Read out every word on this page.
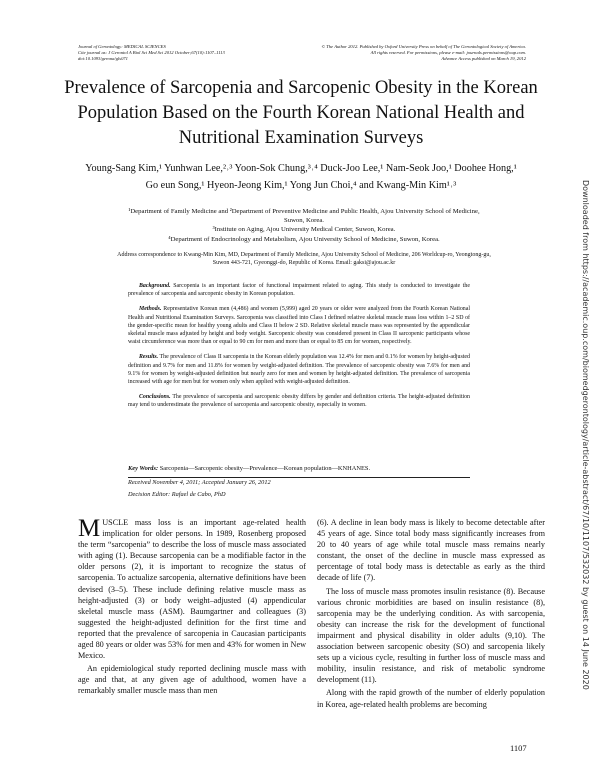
Journal of Gerontology: MEDICAL SCIENCES
Cite journal as: J Gerontol A Biol Sci Med Sci 2012 October;67(10):1107–1113
doi:10.1093/gerona/gls071
© The Author 2012. Published by Oxford University Press on behalf of The Gerontological Society of America.
All rights reserved. For permissions, please e-mail: journals.permissions@oup.com.
Advance Access published on March 19, 2012
Prevalence of Sarcopenia and Sarcopenic Obesity in the Korean Population Based on the Fourth Korean National Health and Nutritional Examination Surveys
Young-Sang Kim,¹ Yunhwan Lee,²˒³ Yoon-Sok Chung,³˒⁴ Duck-Joo Lee,¹ Nam-Seok Joo,¹ Doohee Hong,¹
Go eun Song,¹ Hyeon-Jeong Kim,¹ Yong Jun Choi,⁴ and Kwang-Min Kim¹˒³
¹Department of Family Medicine and ²Department of Preventive Medicine and Public Health, Ajou University School of Medicine,
Suwon, Korea.
³Institute on Aging, Ajou University Medical Center, Suwon, Korea.
⁴Department of Endocrinology and Metabolism, Ajou University School of Medicine, Suwon, Korea.
Address correspondence to Kwang-Min Kim, MD, Department of Family Medicine, Ajou University School of Medicine, 206 Worldcup-ro, Yeongtong-gu,
Suwon 443-721, Gyeonggi-do, Republic of Korea. Email: gaksi@ajou.ac.kr

Background. Sarcopenia is an important factor of functional impairment related to aging. This study is conducted to investigate the prevalence of sarcopenia and sarcopenic obesity in Korean population.

Methods. Representative Korean men (4,486) and women (5,999) aged 20 years or older were analyzed from the Fourth Korean National Health and Nutritional Examination Surveys. Sarcopenia was classified into Class I defined relative skeletal muscle mass loss within 1–2 SD of the gender-specific mean for healthy young adults and Class II below 2 SD. Relative skeletal muscle mass was represented by the appendicular skeletal muscle mass adjusted by height and body weight. Sarcopenic obesity was considered present in Class II sarcopenic participants whose waist circumference was more than or equal to 90 cm for men and more than or equal to 85 cm for women, respectively.

Results. The prevalence of Class II sarcopenia in the Korean elderly population was 12.4% for men and 0.1% for women by height-adjusted definition and 9.7% for men and 11.8% for women by weight-adjusted definition. The prevalence of sarcopenic obesity was 7.6% for men and 9.1% for women by weight-adjusted definition but nearly zero for men and women by height-adjusted definition. The prevalence of sarcopenia increased with age for men but for women only when applied with weight-adjusted definition.

Conclusions. The prevalence of sarcopenia and sarcopenic obesity differs by gender and definition criteria. The height-adjusted definition may tend to underestimate the prevalence of sarcopenia and sarcopenic obesity, especially in women.

Key Words: Sarcopenia—Sarcopenic obesity—Prevalence—Korean population—KNHANES.
Received November 4, 2011; Accepted January 26, 2012
Decision Editor: Rafael de Cabo, PhD

MUSCLE mass loss is an important age-related health implication for older persons. In 1989, Rosenberg proposed the term “sarcopenia” to describe the loss of muscle mass associated with aging (1). Because sarcopenia can be a modifiable factor in the older persons (2), it is important to recognize the status of sarcopenia. To actualize sarcopenia, alternative definitions have been devised (3–5). These include defining relative muscle mass as height-adjusted (3) or body weight–adjusted (4) appendicular skeletal muscle mass (ASM). Baumgartner and colleagues (3) suggested the height-adjusted definition for the first time and reported that the prevalence of sarcopenia in Caucasian participants aged 80 years or older was 53% for men and 43% for women in New Mexico.

An epidemiological study reported declining muscle mass with age and that, at any given age of adulthood, women have a remarkably smaller muscle mass than men

(6). A decline in lean body mass is likely to become detectable after 45 years of age. Since total body mass significantly increases from 20 to 40 years of age while total muscle mass remains nearly constant, the onset of the decline in muscle mass expressed as percentage of total body mass is detectable as early as the third decade of life (7).

The loss of muscle mass promotes insulin resistance (8). Because various chronic morbidities are based on insulin resistance (8), sarcopenia may be the underlying condition. As with sarcopenia, obesity can increase the risk for the development of functional impairment and physical disability in older adults (9,10). The association between sarcopenic obesity (SO) and sarcopenia likely sets up a vicious cycle, resulting in further loss of muscle mass and mobility, insulin resistance, and risk of metabolic syndrome development (11).

Along with the rapid growth of the number of elderly population in Korea, age-related health problems are becoming

1107
Downloaded from https://academic.oup.com/biomedgerontology/article-abstract/67/10/1107/532032 by guest on 14 June 2020
